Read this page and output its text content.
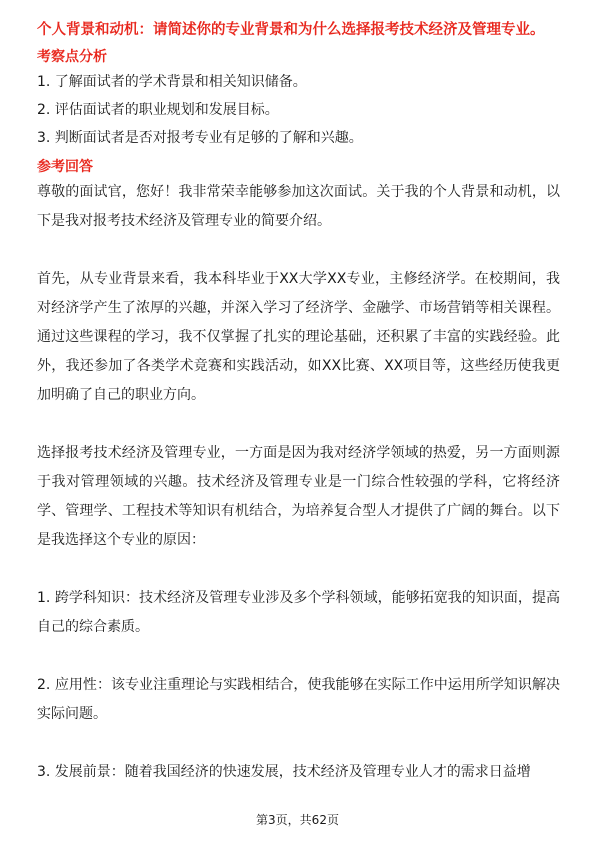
个人背景和动机：请简述你的专业背景和为什么选择报考技术经济及管理专业。

考察点分析

1. 了解面试者的学术背景和相关知识储备。
2. 评估面试者的职业规划和发展目标。
3. 判断面试者是否对报考专业有足够的了解和兴趣。

参考回答

尊敬的面试官，您好！我非常荣幸能够参加这次面试。关于我的个人背景和动机，以下是我对报考技术经济及管理专业的简要介绍。

首先，从专业背景来看，我本科毕业于XX大学XX专业，主修经济学。在校期间，我对经济学产生了浓厚的兴趣，并深入学习了经济学、金融学、市场营销等相关课程。通过这些课程的学习，我不仅掌握了扎实的理论基础，还积累了丰富的实践经验。此外，我还参加了各类学术竞赛和实践活动，如XX比赛、XX项目等，这些经历使我更加明确了自己的职业方向。

选择报考技术经济及管理专业，一方面是因为我对经济学领域的热爱，另一方面则源于我对管理领域的兴趣。技术经济及管理专业是一门综合性较强的学科，它将经济学、管理学、工程技术等知识有机结合，为培养复合型人才提供了广阔的舞台。以下是我选择这个专业的原因：

1. 跨学科知识：技术经济及管理专业涉及多个学科领域，能够拓宽我的知识面，提高自己的综合素质。

2. 应用性：该专业注重理论与实践相结合，使我能够在实际工作中运用所学知识解决实际问题。

3. 发展前景：随着我国经济的快速发展，技术经济及管理专业人才的需求日益增

第3页，共62页
